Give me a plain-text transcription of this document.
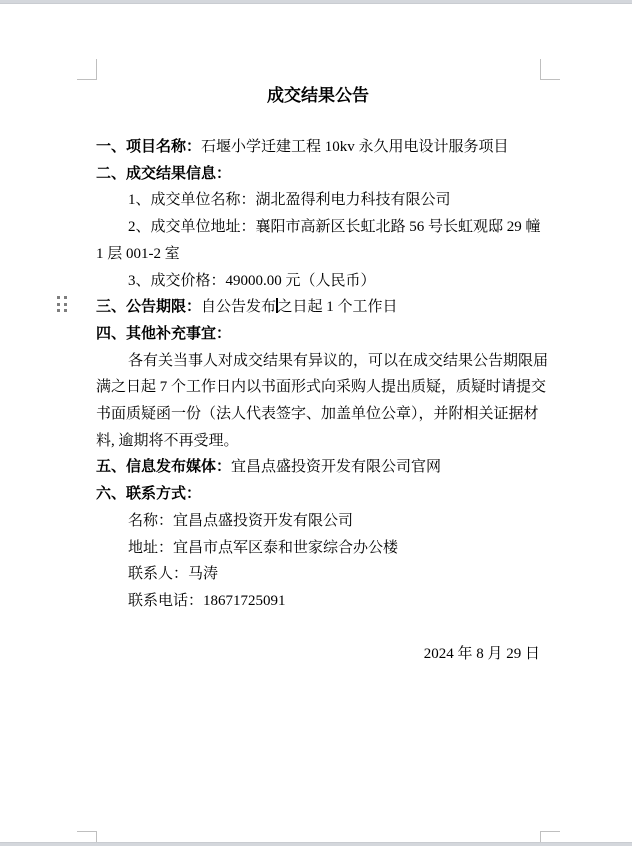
成交结果公告
一、项目名称：石堰小学迁建工程 10kv 永久用电设计服务项目
二、成交结果信息：
1、成交单位名称：湖北盈得利电力科技有限公司
2、成交单位地址：襄阳市高新区长虹北路 56 号长虹观邸 29 幢
1 层 001-2 室
3、成交价格：49000.00 元（人民币）
三、公告期限：自公告发布 之日起 1 个工作日
四、其他补充事宜：
各有关当事人对成交结果有异议的，可以在成交结果公告期限届
满之日起 7 个工作日内以书面形式向采购人提出质疑，质疑时请提交
书面质疑函一份（法人代表签字、加盖单位公章），并附相关证据材
料, 逾期将不再受理。
五、信息发布媒体：宜昌点盛投资开发有限公司官网
六、联系方式：
名称：宜昌点盛投资开发有限公司
地址：宜昌市点军区泰和世家综合办公楼
联系人：马涛
联系电话：18671725091
2024 年 8 月 29 日
